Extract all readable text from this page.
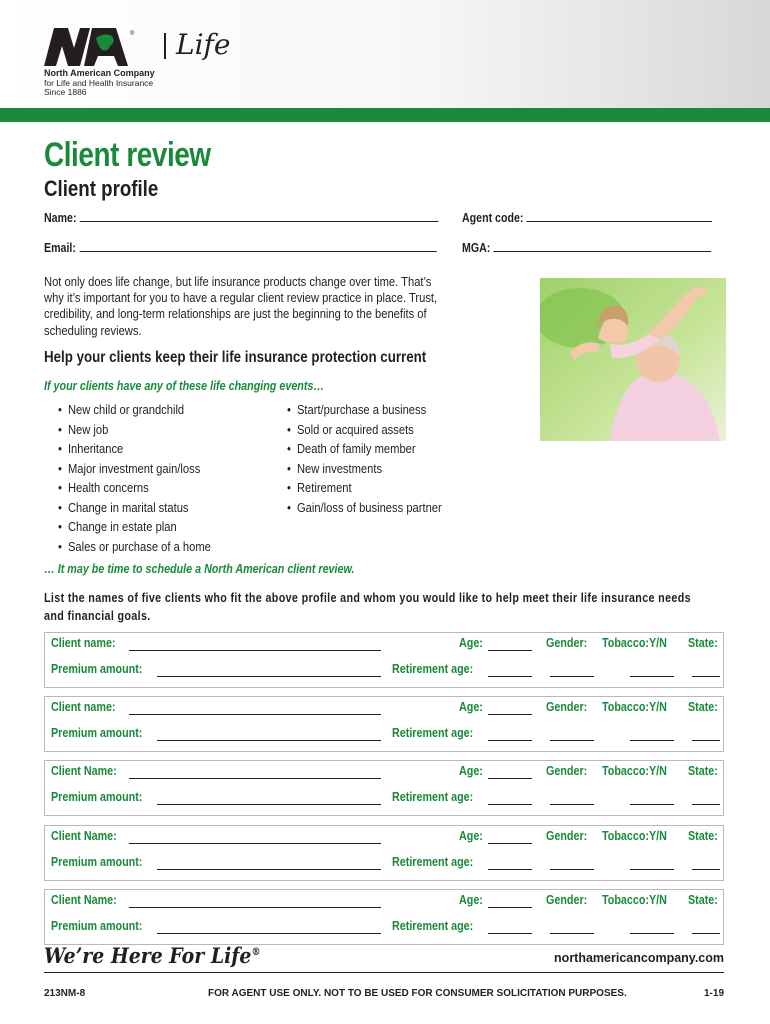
® Life
North American Company
for Life and Health Insurance
Since 1886
Client review
Client profile
Name:	Agent code:
Email:	MGA:
Not only does life change, but life insurance products change over time. That’s why it’s important for you to have a regular client review practice in place. Trust, credibility, and long-term relationships are just the beginning to the benefits of scheduling reviews.
Help your clients keep their life insurance protection current
If your clients have any of these life changing events…
• New child or grandchild
• New job
• Inheritance
• Major investment gain/loss
• Health concerns
• Change in marital status
• Change in estate plan
• Sales or purchase of a home
• Start/purchase a business
• Sold or acquired assets
• Death of family member
• New investments
• Retirement
• Gain/loss of business partner
… It may be time to schedule a North American client review.
List the names of five clients who fit the above profile and whom you would like to help meet their life insurance needs and financial goals.
Client name:	Age:	Gender: Tobacco:Y/N State:
Premium amount:	Retirement age:
Client name:	Age:	Gender: Tobacco:Y/N State:
Premium amount:	Retirement age:
Client Name:	Age:	Gender: Tobacco:Y/N State:
Premium amount:	Retirement age:
Client Name:	Age:	Gender: Tobacco:Y/N State:
Premium amount:	Retirement age:
Client Name:	Age:	Gender: Tobacco:Y/N State:
Premium amount:	Retirement age:
We’re Here For Life®	northamericancompany.com
213NM-8	FOR AGENT USE ONLY. NOT TO BE USED FOR CONSUMER SOLICITATION PURPOSES.	1-19
